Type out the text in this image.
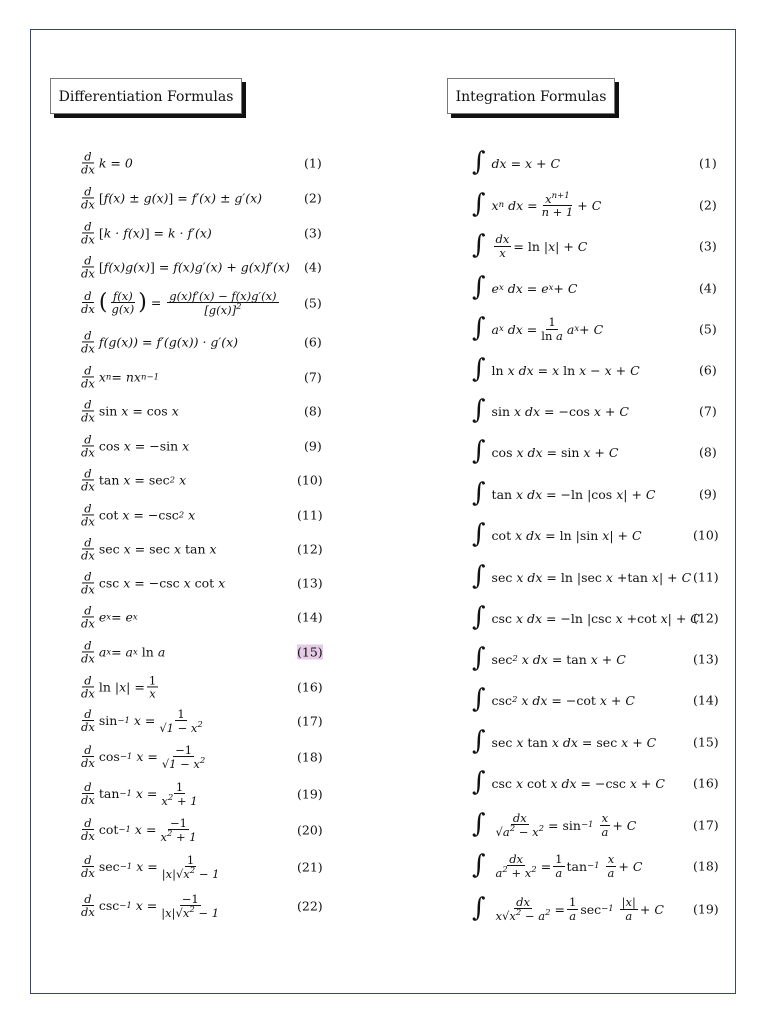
Differentiation Formulas	Integration Formulas
$\frac{d}{dx}$ k = 0
$\frac{d}{dx}$ [ f(x) ± g(x) ] = f′(x) ± g′(x)
$\frac{d}{dx}$ [ k · f(x) ] = k · f′(x)
$\frac{d}{dx}$ [ f(x)g(x) ] = f(x)g′(x) + g(x)f′(x)
$\frac{d}{dx}$ ( $\frac{f(x)}{g(x)}$ ) = $\frac{g(x)f'(x) - f(x)g'(x)}{[g(x)]^2}$
$\frac{d}{dx} f(g(x)) = f'(g(x)) \cdot g'(x)$
$\frac{d}{dx}$ x n = nx n−1
$\frac{d}{dx}$ sin x = cos x
$\frac{d}{dx}$ cos x = − sin x
$\frac{d}{dx}$ tan x = sec 2 x
$\frac{d}{dx}$ cot x = − csc 2 x
$\frac{d}{dx}$ sec x = sec x tan x
$\frac{d}{dx}$ csc x = − csc x cot x
$\frac{d}{dx}$ e x = e x
$\frac{d}{dx}$ a x = a x
ln a
$\frac{d}{dx}$ $\ln |x| = \frac{1}{x}$
$\frac{d}{dx}$ sin −1 $x = \frac{1}{√1 - x^2}$
$\frac{d}{dx}$ cos −1 $x = \frac{-1}{√1 - x^2}$
$\frac{d}{dx}$ tan −1 $x = \frac{1}{x^2 + 1}$
$\frac{d}{dx}$ cot −1 $x = \frac{-1}{x^2 + 1}$
$\frac{d}{dx}$ sec −1 $x = \frac{1}{|x|√x^2 - 1}$
$\frac{d}{dx}$ csc −1 $x = \frac{-1}{|x|√x^2 - 1}$
(1)
(2)
(3)
(4)
(5)
(6)
(7)
(8)
(9)
(10)
(11)
(12)
(13)
(14)
(15)
(16)
(17)
(18)
(19)
(20)
(21)
(22)
∫ dx = x + C
∫ x n dx = $\frac{x^{n+1}}{n + 1} + C$
∫ $\frac{dx}{x} = \ln |x| + C$
∫ e x dx = e x + C
∫ a x dx = $\frac{1}{\text{ln a}}$ a x + C
∫ ln x dx = x ln x − x + C
∫ sin x dx = − cos x + C
∫ cos x dx = sin x + C
∫ tan x dx = − ln | cos x| + C
∫ cot x dx = ln | sin x| + C
∫ sec x dx = ln | sec x + tan x| + C
∫ csc x dx = − ln | csc x + cot x| + C
∫ sec 2 x dx = tan x + C
∫ csc 2 x dx = − cot x + C
∫ sec x tan x dx = sec x + C
∫ csc x cot x dx = − csc x + C
∫ $\frac{dx}{√a^2 - x^2} = \sin -1$
$\frac{x}{a} + C$
∫ $\frac{dx}{a^2 + x^2} = \frac{1}{a}$ tan −1
$\frac{x}{a} + C$
∫ $\frac{dx}{x√x^2 - a^2} = \frac{1}{a}$ sec −1
$\frac{|x|}{a} + C$
(1)
(2)
(3)
(4)
(5)
(6)
(7)
(8)
(9)
(10)
(11)
(12)
(13)
(14)
(15)
(16)
(17)
(18)
(19)
